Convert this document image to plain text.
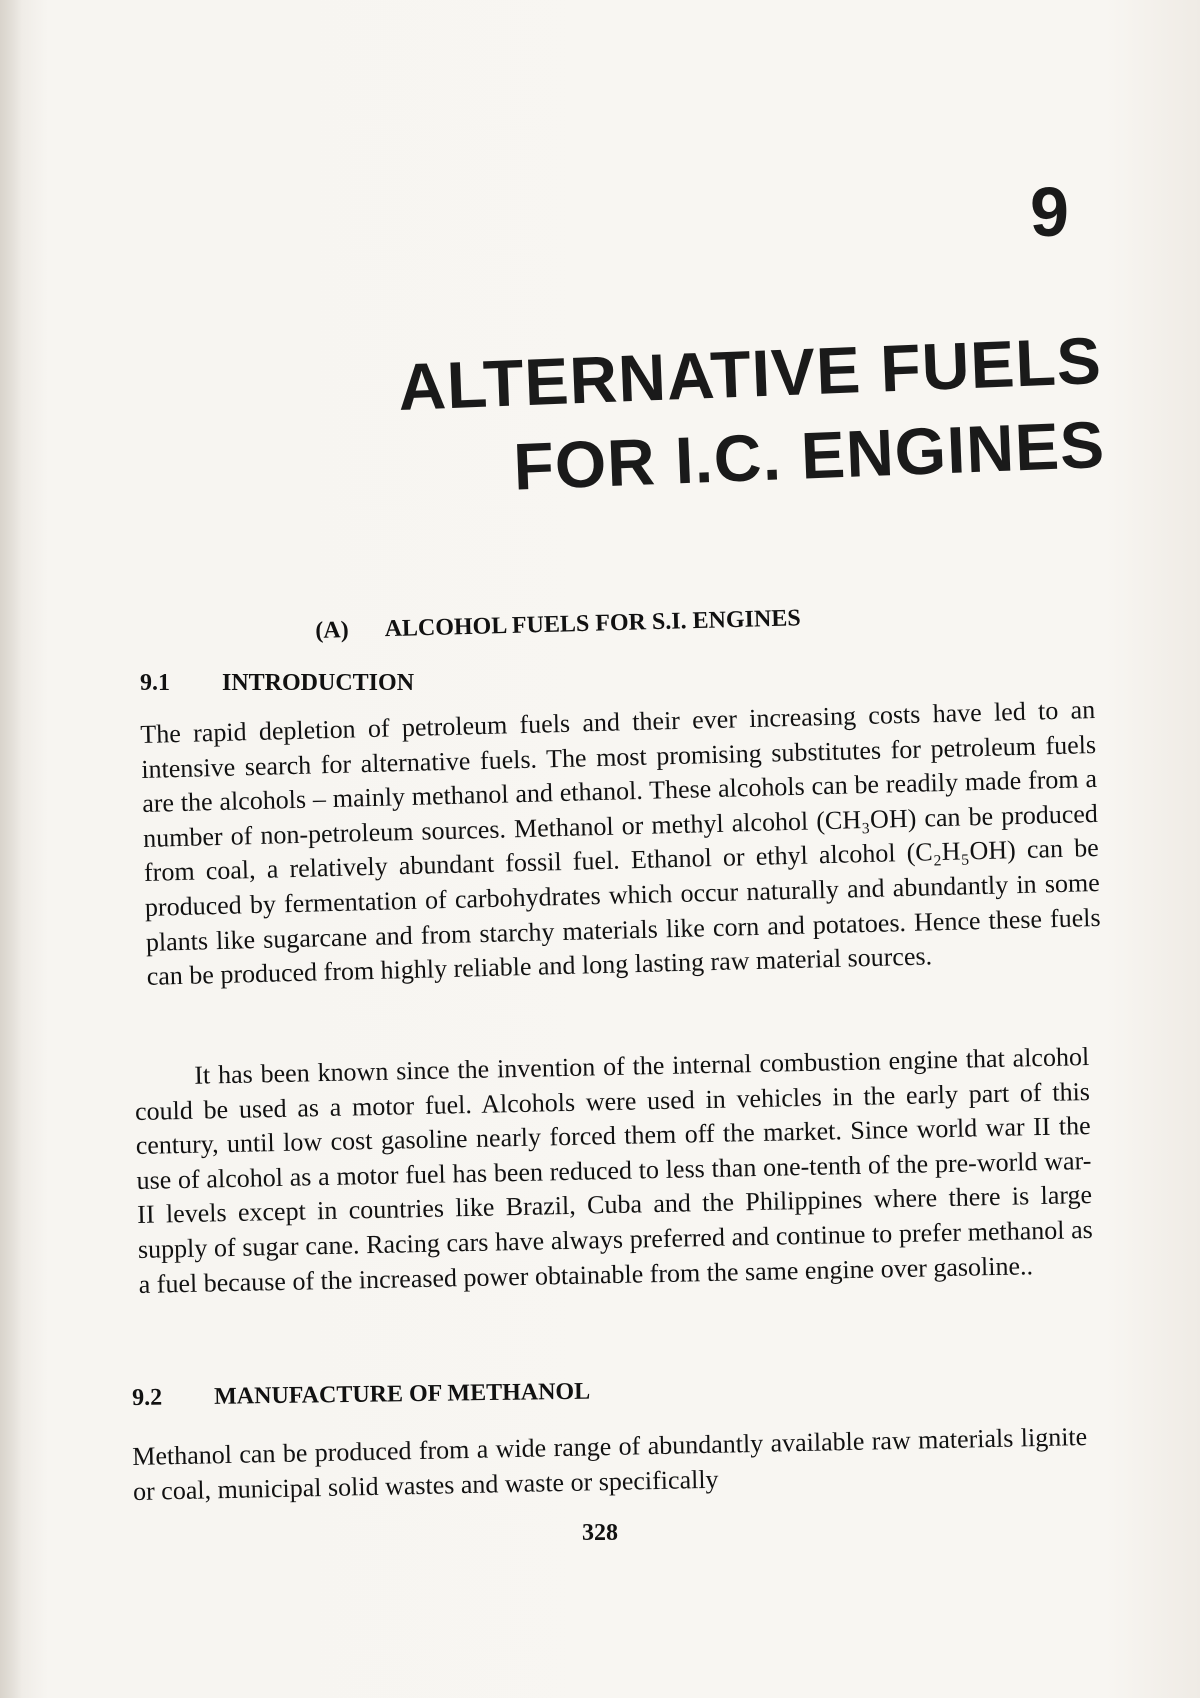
9
ALTERNATIVE FUELS
FOR I.C. ENGINES
(A) ALCOHOL FUELS FOR S.I. ENGINES
9.1 INTRODUCTION
The rapid depletion of petroleum fuels and their ever increasing costs have led to an intensive search for alternative fuels. The most promising substitutes for petroleum fuels are the alcohols – mainly methanol and ethanol. These alcohols can be readily made from a number of non-petroleum sources. Methanol or methyl alcohol (CH₃OH) can be produced from coal, a relatively abundant fossil fuel. Ethanol or ethyl alcohol (C₂H₅OH) can be produced by fermentation of carbohydrates which occur naturally and abundantly in some plants like sugarcane and from starchy materials like corn and potatoes. Hence these fuels can be produced from highly reliable and long lasting raw material sources.
It has been known since the invention of the internal combustion engine that alcohol could be used as a motor fuel. Alcohols were used in vehicles in the early part of this century, until low cost gasoline nearly forced them off the market. Since world war II the use of alcohol as a motor fuel has been reduced to less than one-tenth of the pre-world war-II levels except in countries like Brazil, Cuba and the Philippines where there is large supply of sugar cane. Racing cars have always preferred and continue to prefer methanol as a fuel because of the increased power obtainable from the same engine over gasoline..
9.2 MANUFACTURE OF METHANOL
Methanol can be produced from a wide range of abundantly available raw materials lignite or coal, municipal solid wastes and waste or specifically
328
